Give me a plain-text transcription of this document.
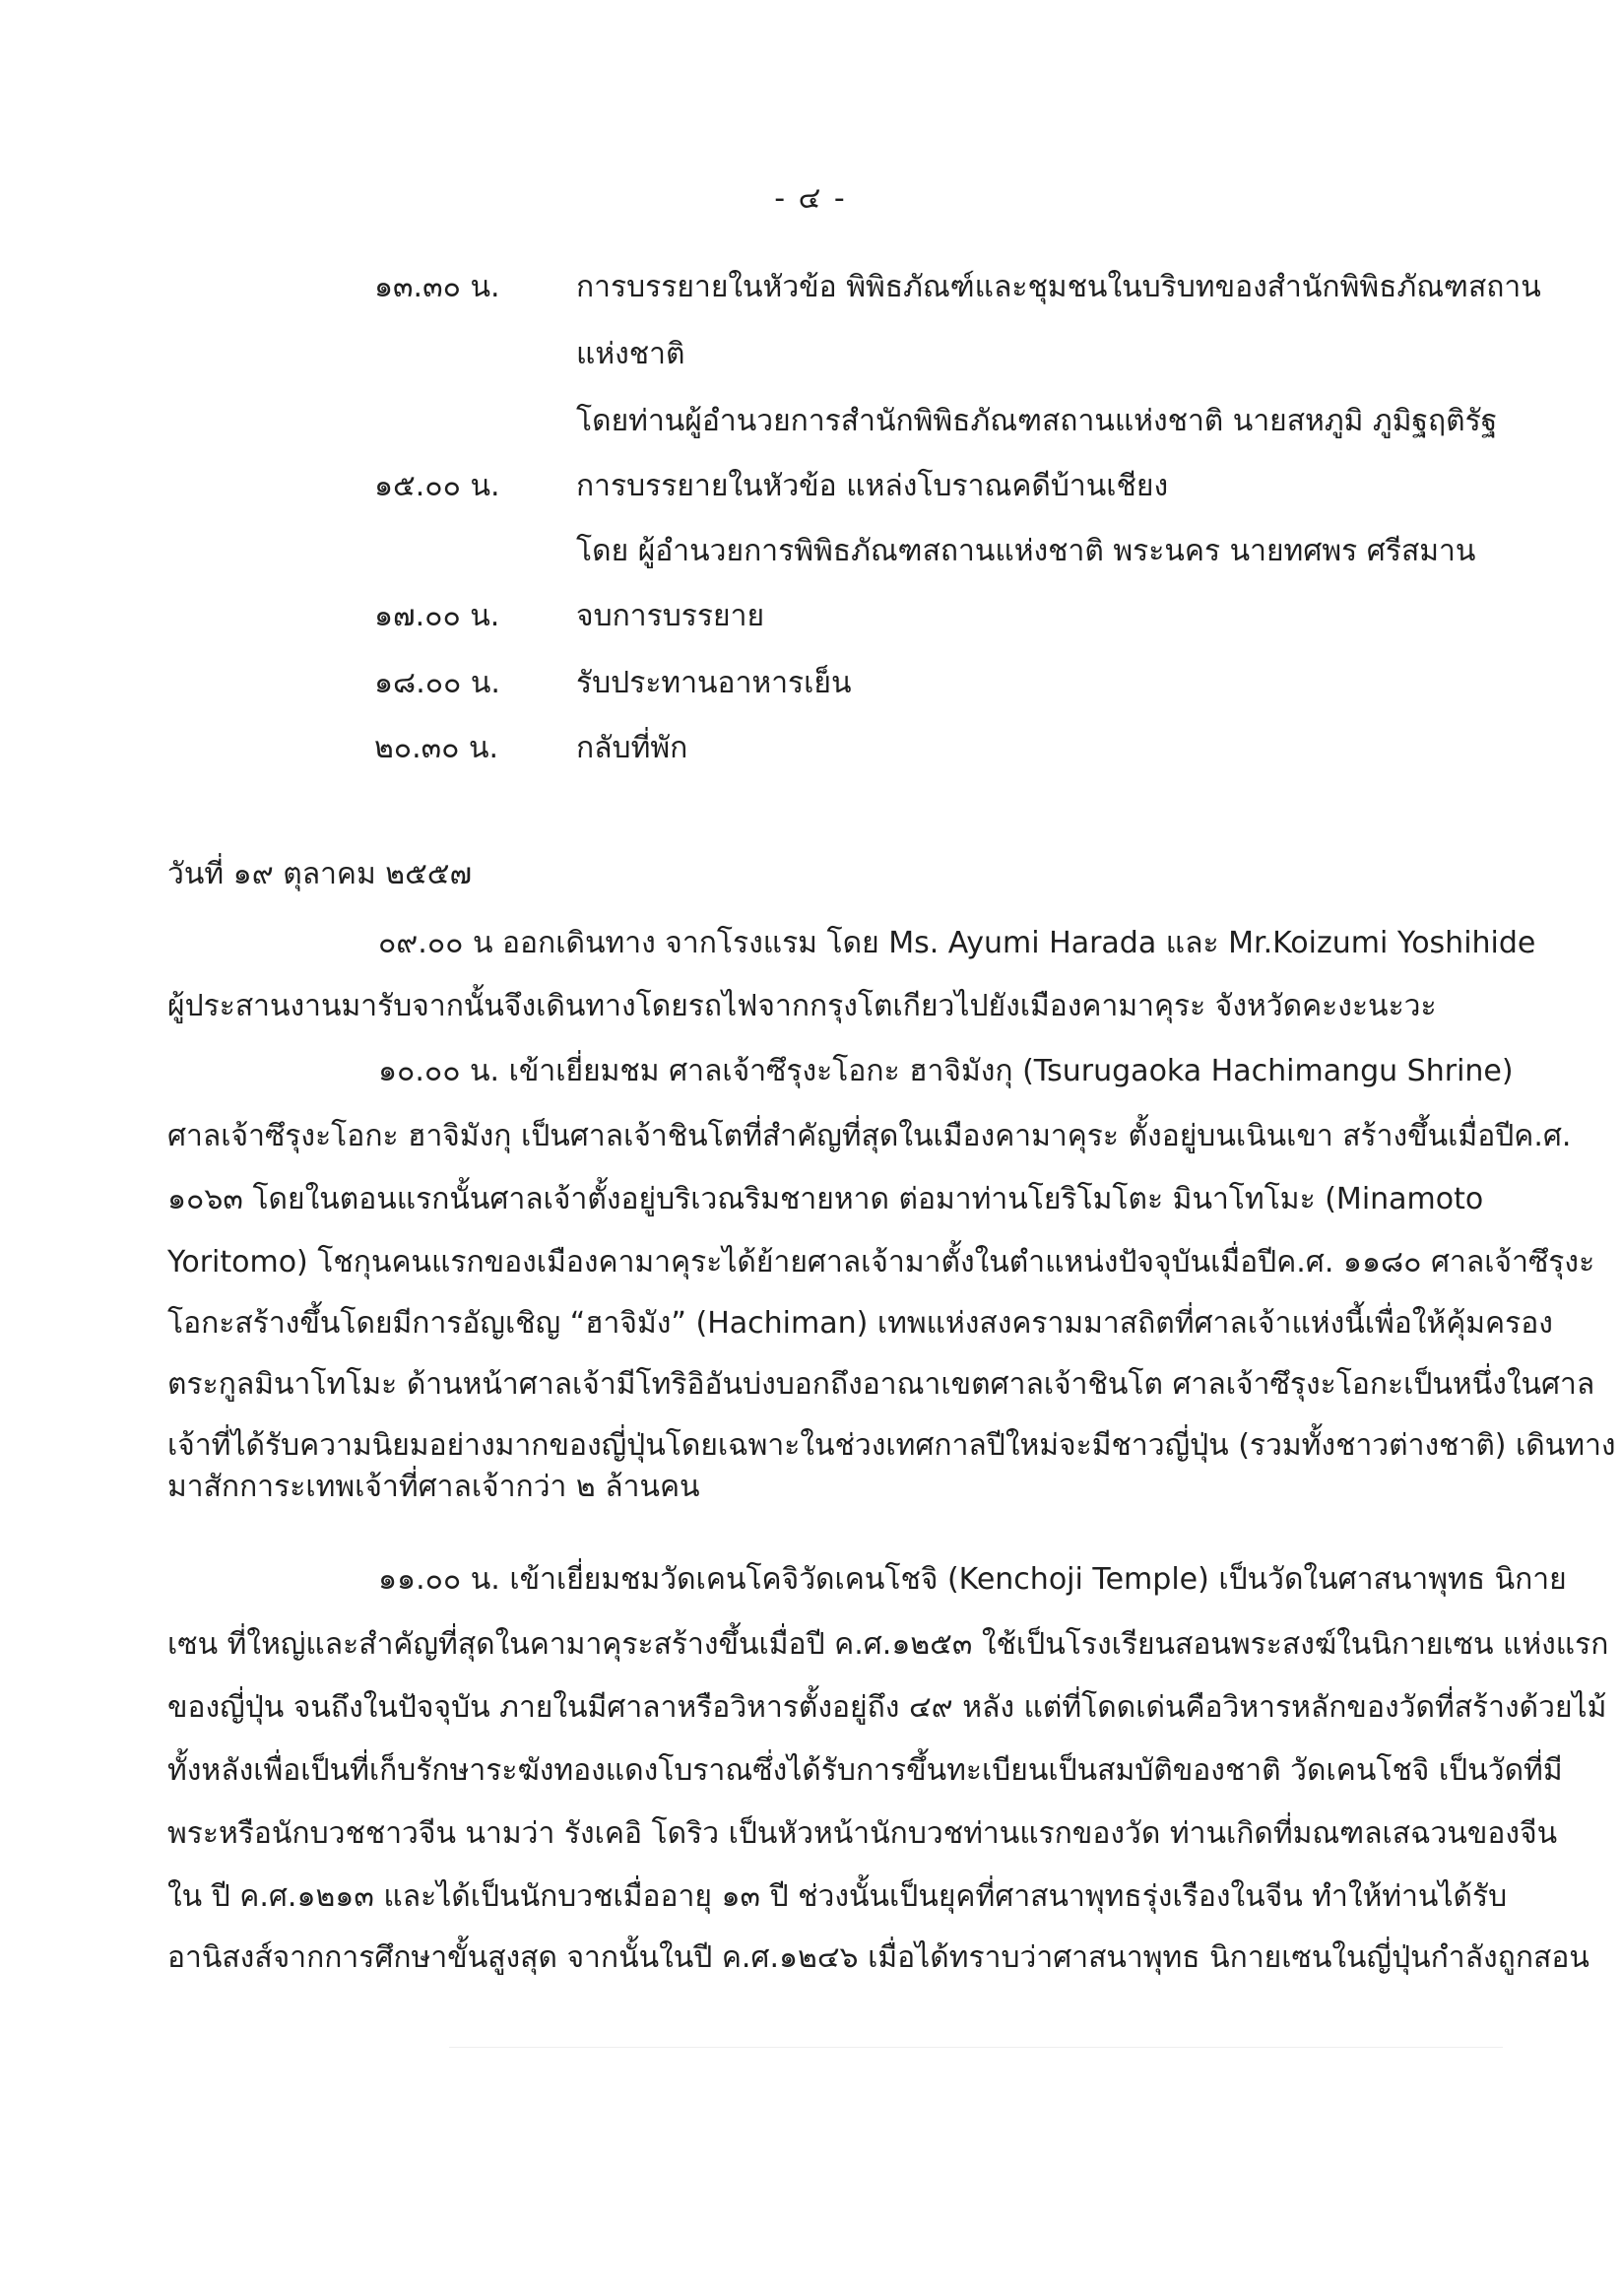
- ๔ -
๑๓.๓๐ น.	การบรรยายในหัวข้อ พิพิธภัณฑ์และชุมชนในบริบทของสำนักพิพิธภัณฑสถาน
แห่งชาติ
โดยท่านผู้อำนวยการสำนักพิพิธภัณฑสถานแห่งชาติ นายสหภูมิ ภูมิฐฤติรัฐ
๑๕.๐๐ น.	การบรรยายในหัวข้อ แหล่งโบราณคดีบ้านเชียง
โดย ผู้อำนวยการพิพิธภัณฑสถานแห่งชาติ พระนคร นายทศพร ศรีสมาน
๑๗.๐๐ น.	จบการบรรยาย
๑๘.๐๐ น.	รับประทานอาหารเย็น
๒๐.๓๐ น.	กลับที่พัก
วันที่ ๑๙ ตุลาคม ๒๕๕๗
๐๙.๐๐ น ออกเดินทาง จากโรงแรม โดย Ms. Ayumi Harada และ Mr.Koizumi Yoshihide
ผู้ประสานงานมารับจากนั้นจึงเดินทางโดยรถไฟจากกรุงโตเกียวไปยังเมืองคามาคุระ จังหวัดคะงะนะวะ
๑๐.๐๐ น. เข้าเยี่ยมชม ศาลเจ้าซึรุงะโอกะ ฮาจิมังกุ (Tsurugaoka Hachimangu Shrine)
ศาลเจ้าซึรุงะโอกะ ฮาจิมังกุ เป็นศาลเจ้าชินโตที่สำคัญที่สุดในเมืองคามาคุระ ตั้งอยู่บนเนินเขา สร้างขึ้นเมื่อปีค.ศ.
๑๐๖๓ โดยในตอนแรกนั้นศาลเจ้าตั้งอยู่บริเวณริมชายหาด ต่อมาท่านโยริโมโตะ มินาโทโมะ (Minamoto
Yoritomo) โชกุนคนแรกของเมืองคามาคุระได้ย้ายศาลเจ้ามาตั้งในตำแหน่งปัจจุบันเมื่อปีค.ศ. ๑๑๘๐ ศาลเจ้าซึรุงะ
โอกะสร้างขึ้นโดยมีการอัญเชิญ “ฮาจิมัง” (Hachiman) เทพแห่งสงครามมาสถิตที่ศาลเจ้าแห่งนี้เพื่อให้คุ้มครอง
ตระกูลมินาโทโมะ ด้านหน้าศาลเจ้ามีโทริอิอันบ่งบอกถึงอาณาเขตศาลเจ้าชินโต ศาลเจ้าซึรุงะโอกะเป็นหนึ่งในศาล
เจ้าที่ได้รับความนิยมอย่างมากของญี่ปุ่นโดยเฉพาะในช่วงเทศกาลปีใหม่จะมีชาวญี่ปุ่น (รวมทั้งชาวต่างชาติ) เดินทาง
มาสักการะเทพเจ้าที่ศาลเจ้ากว่า ๒ ล้านคน
๑๑.๐๐ น. เข้าเยี่ยมชมวัดเคนโคจิวัดเคนโชจิ (Kenchoji Temple) เป็นวัดในศาสนาพุทธ นิกาย
เซน ที่ใหญ่และสำคัญที่สุดในคามาคุระสร้างขึ้นเมื่อปี ค.ศ.๑๒๕๓ ใช้เป็นโรงเรียนสอนพระสงฆ์ในนิกายเซน แห่งแรก
ของญี่ปุ่น จนถึงในปัจจุบัน ภายในมีศาลาหรือวิหารตั้งอยู่ถึง ๔๙ หลัง แต่ที่โดดเด่นคือวิหารหลักของวัดที่สร้างด้วยไม้
ทั้งหลังเพื่อเป็นที่เก็บรักษาระฆังทองแดงโบราณซึ่งได้รับการขึ้นทะเบียนเป็นสมบัติของชาติ วัดเคนโชจิ เป็นวัดที่มี
พระหรือนักบวชชาวจีน นามว่า รังเคอิ โดริว เป็นหัวหน้านักบวชท่านแรกของวัด ท่านเกิดที่มณฑลเสฉวนของจีน
ใน ปี ค.ศ.๑๒๑๓ และได้เป็นนักบวชเมื่ออายุ ๑๓ ปี ช่วงนั้นเป็นยุคที่ศาสนาพุทธรุ่งเรืองในจีน ทำให้ท่านได้รับ
อานิสงส์จากการศึกษาขั้นสูงสุด จากนั้นในปี ค.ศ.๑๒๔๖ เมื่อได้ทราบว่าศาสนาพุทธ นิกายเซนในญี่ปุ่นกำลังถูกสอน
